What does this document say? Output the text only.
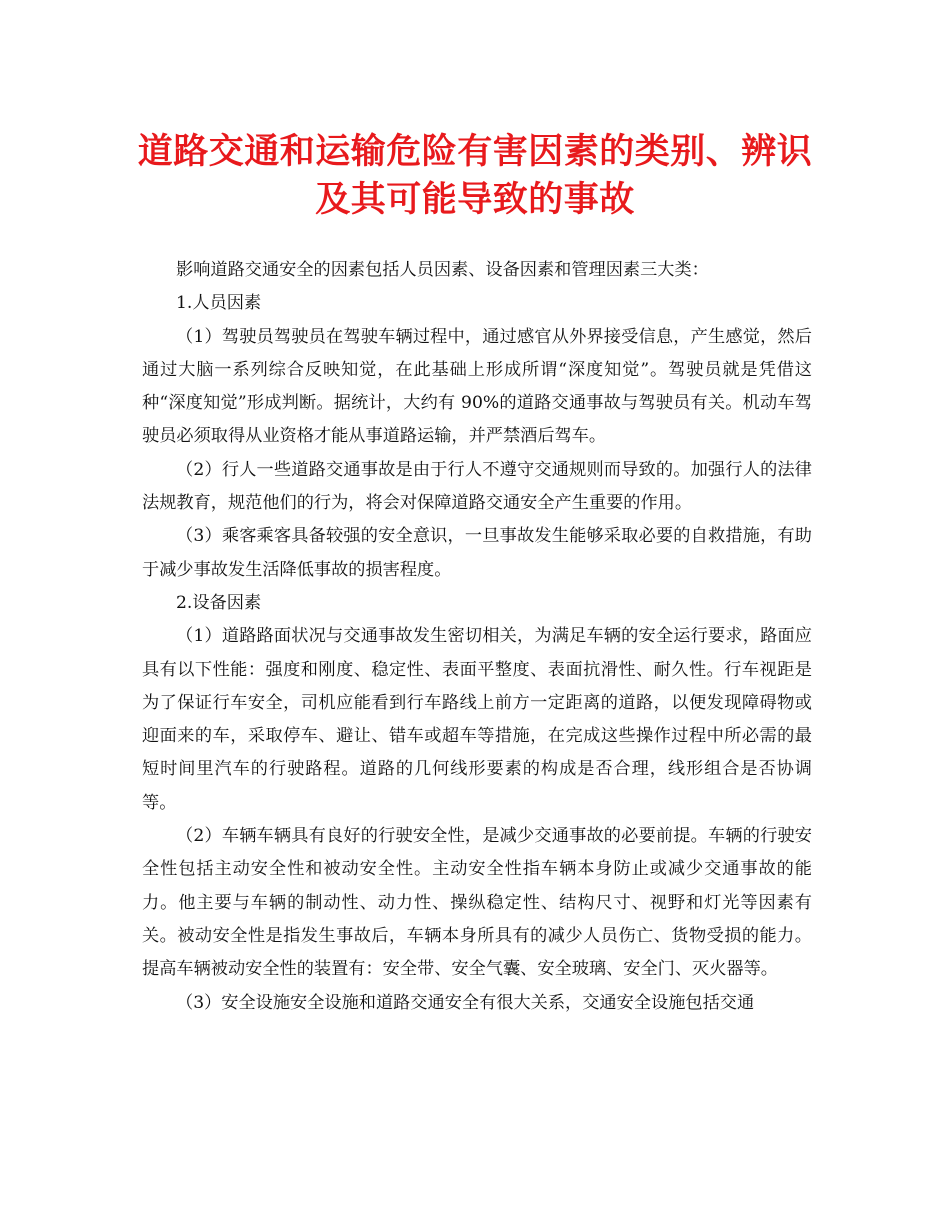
道路交通和运输危险有害因素的类别、辨识
及其可能导致的事故

影响道路交通安全的因素包括人员因素、设备因素和管理因素三大类：

1.人员因素

（1）驾驶员驾驶员在驾驶车辆过程中，通过感官从外界接受信息，产生感觉，然后通过大脑一系列综合反映知觉，在此基础上形成所谓“深度知觉”。驾驶员就是凭借这种“深度知觉”形成判断。据统计，大约有 90%的道路交通事故与驾驶员有关。机动车驾驶员必须取得从业资格才能从事道路运输，并严禁酒后驾车。

（2）行人一些道路交通事故是由于行人不遵守交通规则而导致的。加强行人的法律法规教育，规范他们的行为，将会对保障道路交通安全产生重要的作用。

（3）乘客乘客具备较强的安全意识，一旦事故发生能够采取必要的自救措施，有助于减少事故发生活降低事故的损害程度。

2.设备因素

（1）道路路面状况与交通事故发生密切相关，为满足车辆的安全运行要求，路面应具有以下性能：强度和刚度、稳定性、表面平整度、表面抗滑性、耐久性。行车视距是为了保证行车安全，司机应能看到行车路线上前方一定距离的道路，以便发现障碍物或迎面来的车，采取停车、避让、错车或超车等措施，在完成这些操作过程中所必需的最短时间里汽车的行驶路程。道路的几何线形要素的构成是否合理，线形组合是否协调等。

（2）车辆车辆具有良好的行驶安全性，是减少交通事故的必要前提。车辆的行驶安全性包括主动安全性和被动安全性。主动安全性指车辆本身防止或减少交通事故的能力。他主要与车辆的制动性、动力性、操纵稳定性、结构尺寸、视野和灯光等因素有关。被动安全性是指发生事故后，车辆本身所具有的减少人员伤亡、货物受损的能力。提高车辆被动安全性的装置有：安全带、安全气囊、安全玻璃、安全门、灭火器等。

（3）安全设施安全设施和道路交通安全有很大关系，交通安全设施包括交通
